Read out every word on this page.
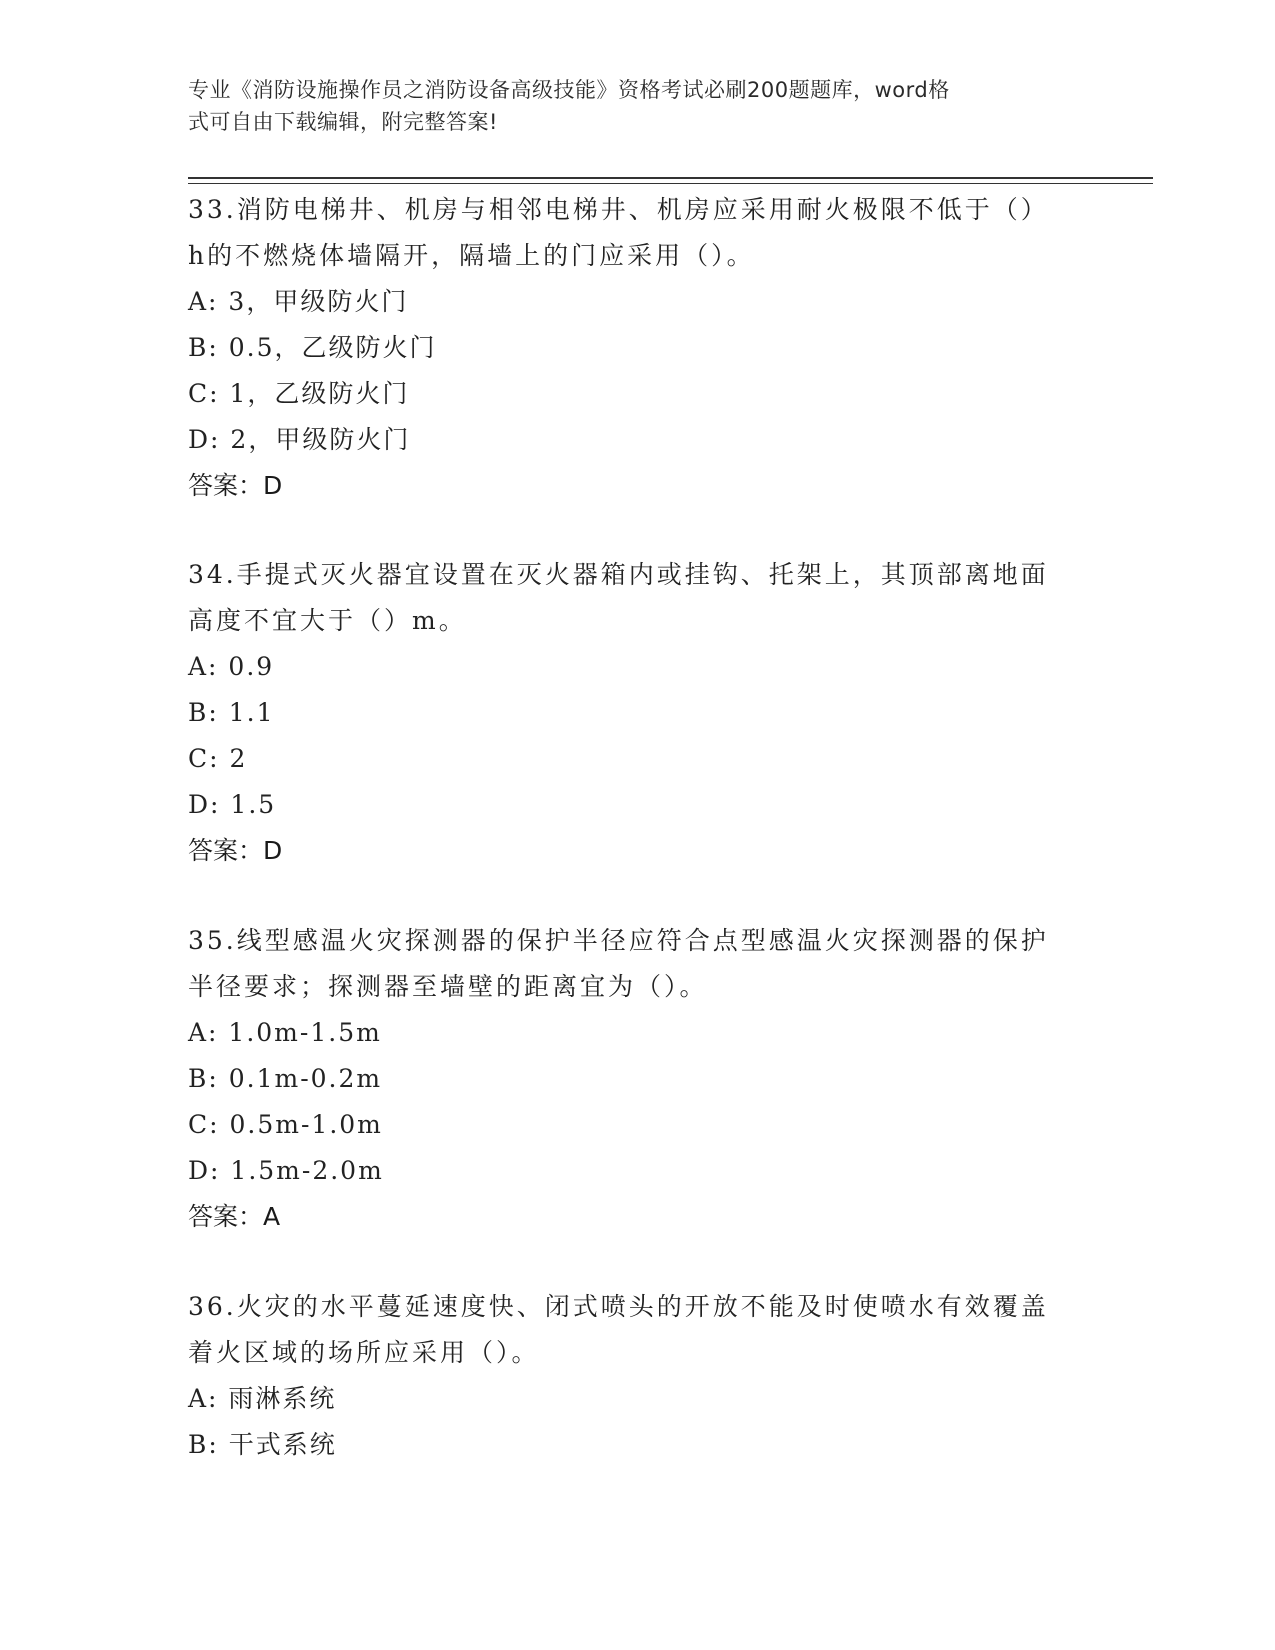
专业《消防设施操作员之消防设备高级技能》资格考试必刷200题题库，word格
式可自由下载编辑，附完整答案!

33.消防电梯井、机房与相邻电梯井、机房应采用耐火极限不低于（）

h的不燃烧体墙隔开，隔墙上的门应采用（）。

A: 3，甲级防火门

B: 0.5，乙级防火门

C: 1，乙级防火门

D: 2，甲级防火门

答案：D

34.手提式灭火器宜设置在灭火器箱内或挂钩、托架上，其顶部离地面

高度不宜大于（）m。

A: 0.9

B: 1.1

C: 2

D: 1.5

答案：D

35.线型感温火灾探测器的保护半径应符合点型感温火灾探测器的保护

半径要求；探测器至墙壁的距离宜为（）。

A: 1.0m-1.5m

B: 0.1m-0.2m

C: 0.5m-1.0m

D: 1.5m-2.0m

答案：A

36.火灾的水平蔓延速度快、闭式喷头的开放不能及时使喷水有效覆盖

着火区域的场所应采用（）。

A: 雨淋系统

B: 干式系统
